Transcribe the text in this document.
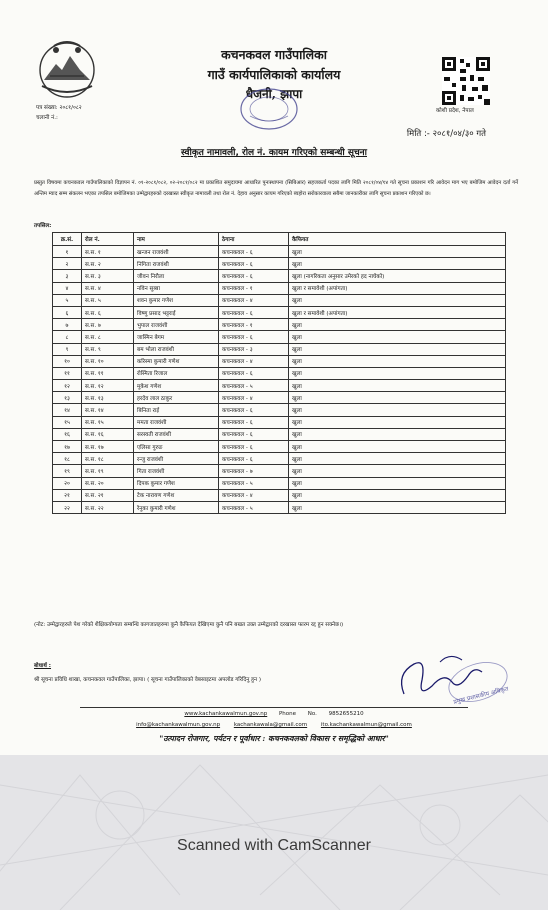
पत्र संख्या: २०८१/०८२
चलानी नं.:
कचनकवल गाउँपालिका
गाउँ कार्यपालिकाको कार्यालय
धैजनी, झापा
कोशी प्रदेश, नेपाल
मिति :- २०८१/०४/३० गते
स्वीकृत नामावली, रोल नं. कायम गरिएको सम्बन्धी सूचना
प्रस्तुत विषयमा कचनकवल गाउँपालिकाको विज्ञापन नं. ०१-२०८१/०८२, ०२-२०८१/०८२ मा प्रकाशित समुदायमा आधारित पुनःस्थापना (सिबिआर) सहजकर्ता पदका लागि मिति २०८१/०४/१४ गते सूचना प्रकाशन गरि आवेदन माग भए बमोजिम आवेदन दर्ता गर्ने अन्तिम म्याद सम्म संकलन भएका तपसिल बमोजिमका उम्मेद्वारहरुको दरखास्त स्वीकृत नामावली तथा रोल नं. देहाय अनुसार कायम गरिएको ब्यहोरा सरोकारवाला सबैमा जानकारीका लागि सूचना प्रकाशन गरिएको छ।
तपसिल:
क्र.सं.	रोल नं.	नाम	ठेगाना	कैफियत
१	स.स. १	खन्जन राजवंशी	कचनकवल - ६	खुला
२	स.स. २	निगिता राजवंशी	कचनकवल - ६	खुला
३	स.स. ३	जीवन निरौला	कचनकवल - ६	खुला (नागरिकता अनुसार उमेरको हद नाघेको)
४	स.स. ४	नविन सुब्बा	कचनकवल - १	खुला र समावेशी (अपांगता)
५	स.स. ५	शवन कुमार गणेश	कचनकवल - ४	खुला
६	स.स. ६	विष्णु प्रसाद भट्टराई	कचनकवल - ६	खुला र समावेशी (अपांगता)
७	स.स. ७	भुपाल राजवंशी	कचनकवल - १	खुला
८	स.स. ८	जास्मिन बेगम	कचनकवल - ६	खुला
९	स.स. ९	बम भोला राजवंशी	कचनकवल - ३	खुला
१०	स.स. १०	करिस्मा कुमारी गणेश	कचनकवल - ४	खुला
११	स.स. ११	रोस्मिता रिजाल	कचनकवल - ६	खुला
१२	स.स. १२	मुकेश गणेश	कचनकवल - ५	खुला
१३	स.स. १३	हरदेव लाल ठाकुर	कचनकवल - ४	खुला
१४	स.स. १४	बिनिता राई	कचनकवल - ६	खुला
१५	स.स. १५	ममता राजवंशी	कचनकवल - ६	खुला
१६	स.स. १६	सरस्वती राजवंशी	कचनकवल - ६	खुला
१७	स.स. १७	एलिसा गुरुङ	कचनकवल - ६	खुला
१८	स.स. १८	रन्जु राजवंशी	कचनकवल - ६	खुला
१९	स.स. १९	गिता राजवंशी	कचनकवल - ७	खुला
२०	स.स. २०	दिपक कुमार गणेश	कचनकवल - ५	खुला
२१	स.स. २१	टेक नारायण गणेश	कचनकवल - ४	खुला
२२	स.स. २२	रेनुका कुमारी गणेश	कचनकवल - ५	खुला
(नोट: उम्मेद्वारहरुले पेश गरेको शैक्षिकयोग्यता सम्बन्धि कागजातहरुमा कुनै कैफियत देखिएमा कुनै पनि बखत उक्त उम्मेद्वारको दरखास्त फारम रद्द हुन सक्नेछ।)
बोधार्थ :
श्री सूचना प्रविधि शाखा, कचनकवल गाउँपालिका, झापा। ( सूचना गाउँपालिकाको वेबसाइटमा अपलोड गरिदिनु हुन )
प्रमुख प्रशासकीय अधिकृत
www.kachankawalmun.gov.np Phone No. 9852655210
info@kachankawalmun.gov.np	kachankawala@gmail.com	ito.kachankawalmun@gmail.com
"उत्पादन रोजगार, पर्यटन र पूर्वाधार : कचनकवलको विकास र समृद्धिको आधार"
Scanned with CamScanner
